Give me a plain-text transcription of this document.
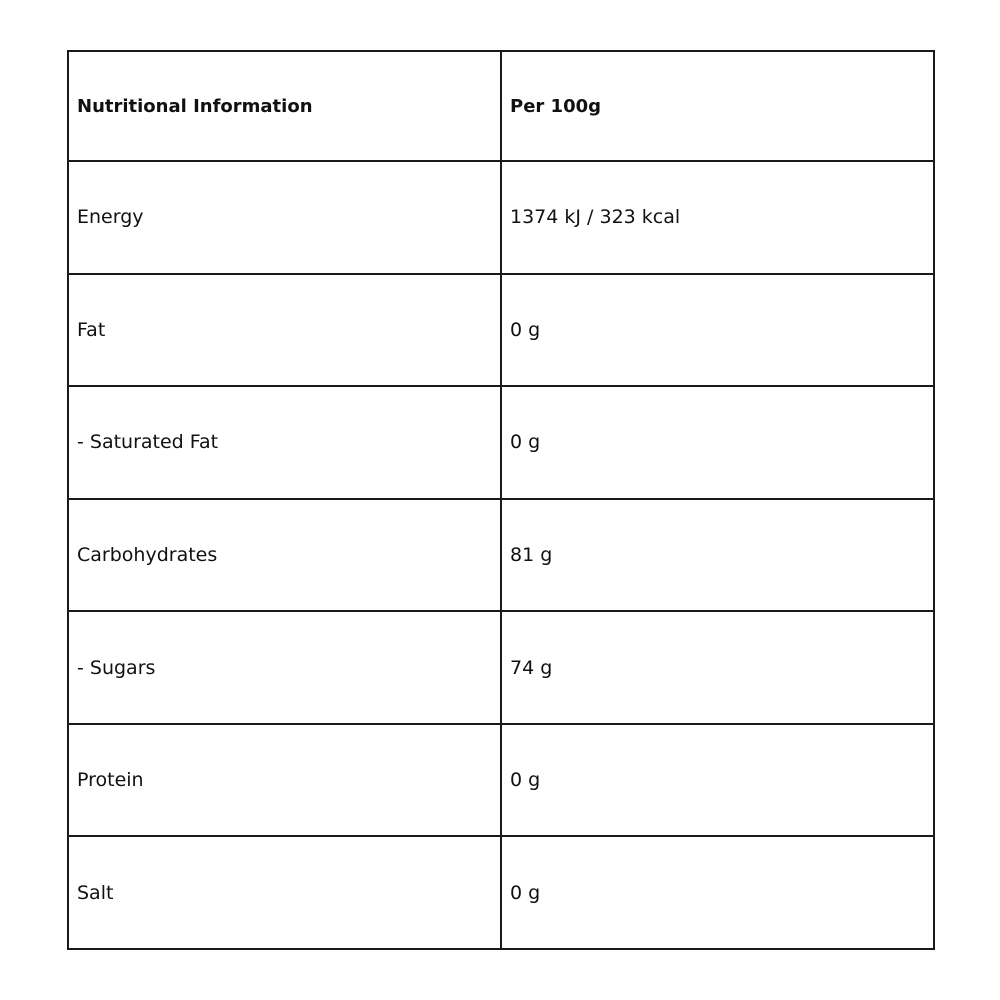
Nutritional Information	Per 100g
Energy	1374 kJ / 323 kcal
Fat	0 g
- Saturated Fat	0 g
Carbohydrates	81 g
- Sugars	74 g
Protein	0 g
Salt	0 g
